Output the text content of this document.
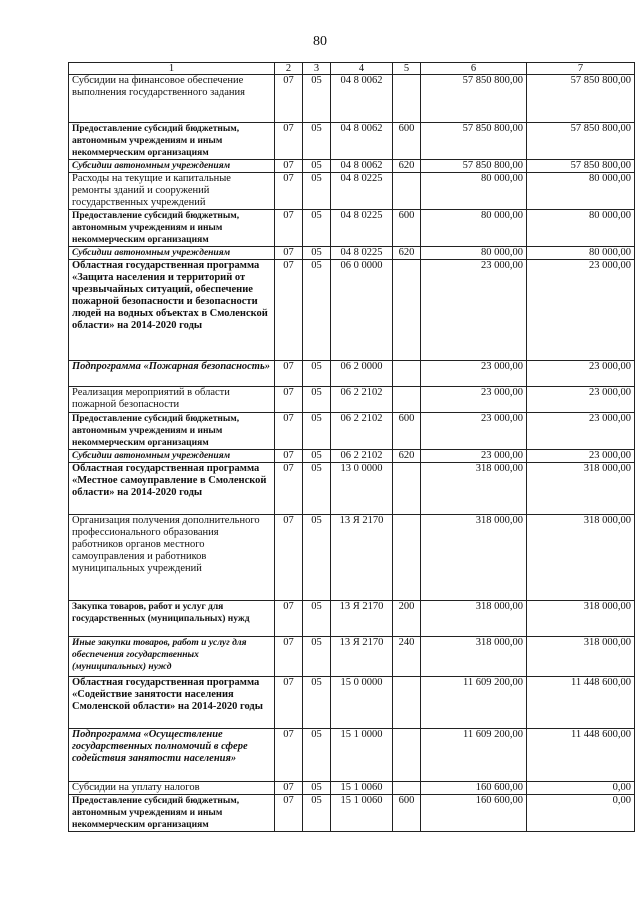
80
1	2	3	4	5	6	7
Субсидии на финансовое обеспечение выполнения государственного задания	07	05	04 8 0062		57 850 800,00	57 850 800,00
Предоставление субсидий бюджетным, автономным учреждениям и иным некоммерческим организациям	07	05	04 8 0062	600	57 850 800,00	57 850 800,00
Субсидии автономным учреждениям	07	05	04 8 0062	620	57 850 800,00	57 850 800,00
Расходы на текущие и капитальные ремонты зданий и сооружений государственных учреждений	07	05	04 8 0225		80 000,00	80 000,00
Предоставление субсидий бюджетным, автономным учреждениям и иным некоммерческим организациям	07	05	04 8 0225	600	80 000,00	80 000,00
Субсидии автономным учреждениям	07	05	04 8 0225	620	80 000,00	80 000,00
Областная государственная программа «Защита населения и территорий от чрезвычайных ситуаций, обеспечение пожарной безопасности и безопасности людей на водных объектах в Смоленской области» на 2014-2020 годы	07	05	06 0 0000		23 000,00	23 000,00
Подпрограмма «Пожарная безопасность»	07	05	06 2 0000		23 000,00	23 000,00
Реализация мероприятий в области пожарной безопасности	07	05	06 2 2102		23 000,00	23 000,00
Предоставление субсидий бюджетным, автономным учреждениям и иным некоммерческим организациям	07	05	06 2 2102	600	23 000,00	23 000,00
Субсидии автономным учреждениям	07	05	06 2 2102	620	23 000,00	23 000,00
Областная государственная программа «Местное самоуправление в Смоленской области» на 2014-2020 годы	07	05	13 0 0000		318 000,00	318 000,00
Организация получения дополнительного профессионального образования работников органов местного самоуправления и работников муниципальных учреждений	07	05	13 Я 2170		318 000,00	318 000,00
Закупка товаров, работ и услуг для государственных (муниципальных) нужд	07	05	13 Я 2170	200	318 000,00	318 000,00
Иные закупки товаров, работ и услуг для обеспечения государственных (муниципальных) нужд	07	05	13 Я 2170	240	318 000,00	318 000,00
Областная государственная программа «Содействие занятости населения Смоленской области» на 2014-2020 годы	07	05	15 0 0000		11 609 200,00	11 448 600,00
Подпрограмма «Осуществление государственных полномочий в сфере содействия занятости населения»	07	05	15 1 0000		11 609 200,00	11 448 600,00
Субсидии на уплату налогов	07	05	15 1 0060		160 600,00	0,00
Предоставление субсидий бюджетным, автономным учреждениям и иным некоммерческим организациям	07	05	15 1 0060	600	160 600,00	0,00
